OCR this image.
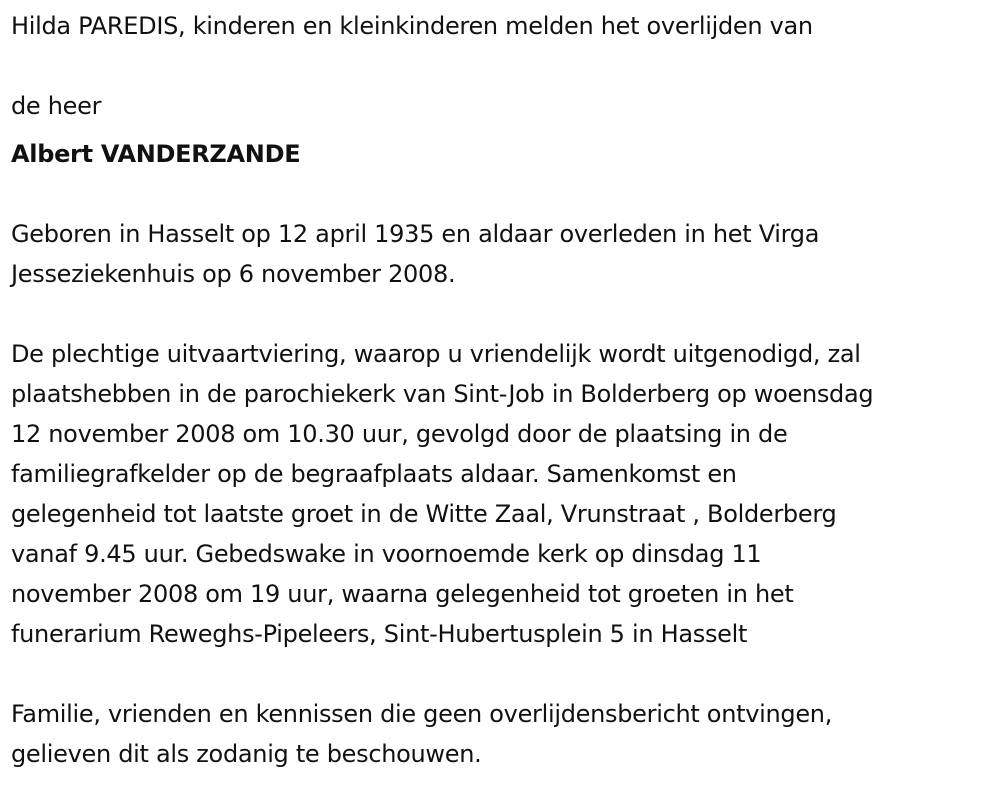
Hilda PAREDIS, kinderen en kleinkinderen melden het overlijden van
de heer
Albert VANDERZANDE
Geboren in Hasselt op 12 april 1935 en aldaar overleden in het Virga
Jesseziekenhuis op 6 november 2008.
De plechtige uitvaartviering, waarop u vriendelijk wordt uitgenodigd, zal
plaatshebben in de parochiekerk van Sint-Job in Bolderberg op woensdag
12 november 2008 om 10.30 uur, gevolgd door de plaatsing in de
familiegrafkelder op de begraafplaats aldaar. Samenkomst en
gelegenheid tot laatste groet in de Witte Zaal, Vrunstraat , Bolderberg
vanaf 9.45 uur. Gebedswake in voornoemde kerk op dinsdag 11
november 2008 om 19 uur, waarna gelegenheid tot groeten in het
funerarium Reweghs-Pipeleers, Sint-Hubertusplein 5 in Hasselt
Familie, vrienden en kennissen die geen overlijdensbericht ontvingen,
gelieven dit als zodanig te beschouwen.
